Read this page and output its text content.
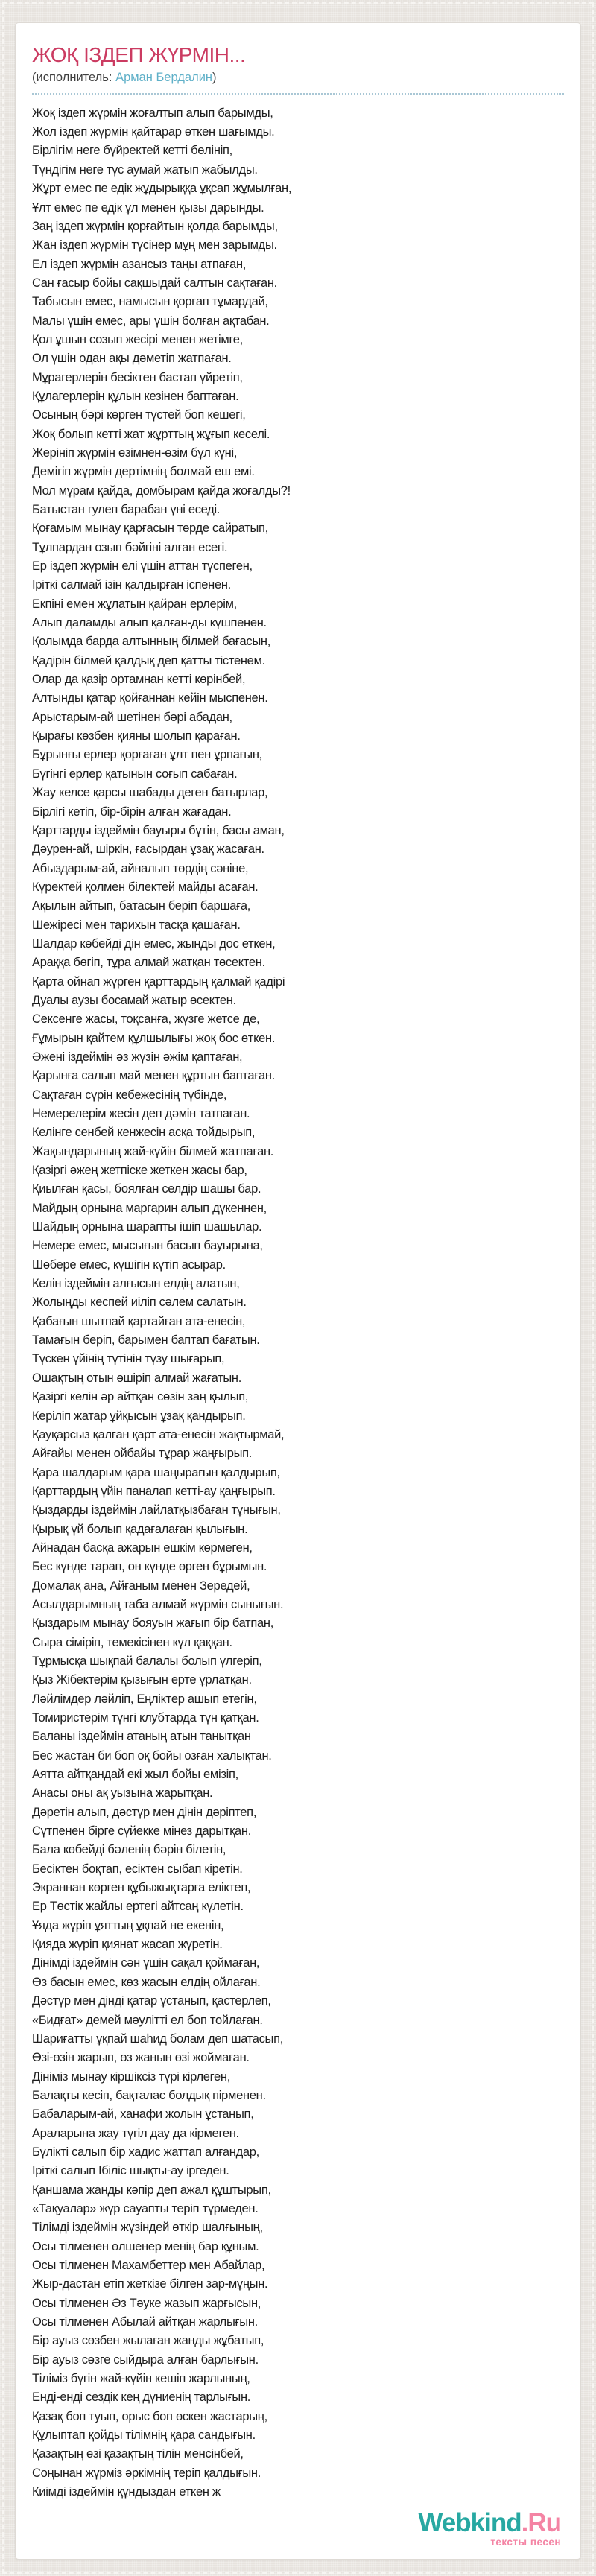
ЖОҚ ІЗДЕП ЖҮРМІН...
(исполнитель: Арман Бердалин)
Жоқ іздеп жүрмін жоғалтып алып барымды,
Жол іздеп жүрмін қайтарар өткен шағымды.
Бірлігім неге бүйректей кетті бөлініп,
Түндігім неге түс аумай жатып жабылды.
Жұрт емес пе едік жұдырыққа ұқсап жұмылған,
Ұлт емес пе едік ұл менен қызы дарынды.
Заң іздеп жүрмін қорғайтын қолда барымды,
Жан іздеп жүрмін түсінер мұң мен зарымды.
Ел іздеп жүрмін азансыз таңы атпаған,
Сан ғасыр бойы сақшыдай салтын сақтаған.
Табысын емес, намысын қорғап тұмардай,
Малы үшін емес, ары үшін болған ақтабан.
Қол ұшын созып жесірі менен жетімге,
Ол үшін одан ақы дәметіп жатпаған.
Мұрагерлерін бесіктен бастап үйретіп,
Құлагерлерін құлын кезінен баптаған.
Осының бәрі көрген түстей боп кешегі,
Жоқ болып кетті жат жұрттың жұғып кеселі.
Жерініп жүрмін өзімнен-өзім бұл күні,
Демігіп жүрмін дертімнің болмай еш емі.
Мол мұрам қайда, домбырам қайда жоғалды?!
Батыстан гулеп барабан үні еседі.
Қоғамым мынау қарғасын төрде сайратып,
Тұлпардан озып бәйгіні алған есегі.
Ер іздеп жүрмін елі үшін аттан түспеген,
Іріткі салмай ізін қалдырған іспенен.
Екпіні емен жұлатын қайран ерлерім,
Алып даламды алып қалған-ды күшпенен.
Қолымда барда алтынның білмей бағасын,
Қадірін білмей қалдық деп қатты тістенем.
Олар да қазір ортамнан кетті көрінбей,
Алтынды қатар қойғаннан кейін мыспенен.
Арыстарым-ай шетінен бәрі абадан,
Қырағы көзбен қияны шолып қараған.
Бұрынғы ерлер қорғаған ұлт пен ұрпағын,
Бүгінгі ерлер қатынын соғып сабаған.
Жау келсе қарсы шабады деген батырлар,
Бірлігі кетіп, бір-бірін алған жағадан.
Қарттарды іздеймін бауыры бүтін, басы аман,
Дәурен-ай, шіркін, ғасырдан ұзақ жасаған.
Абыздарым-ай, айналып төрдің сәніне,
Күректей қолмен білектей майды асаған.
Ақылын айтып, батасын беріп баршаға,
Шежіресі мен тарихын тасқа қашаған.
Шалдар көбейді дін емес, жынды дос еткен,
Араққа бөгіп, тұра алмай жатқан төсектен.
Қарта ойнап жүрген қарттардың қалмай қадірі
Дуалы аузы босамай жатыр өсектен.
Сексенге жасы, тоқсанға, жүзге жетсе де,
Ғұмырын қайтем құлшылығы жоқ бос өткен.
Әжені іздеймін әз жүзін әжім қаптаған,
Қарынға салып май менен құртын баптаған.
Сақтаған сүрін кебежесінің түбінде,
Немерелерім жесін деп дәмін татпаған.
Келінге сенбей кенжесін асқа тойдырып,
Жақындарының жай-күйін білмей жатпаған.
Қазіргі әжең жетпіске жеткен жасы бар,
Қиылған қасы, боялған селдір шашы бар.
Майдың орнына маргарин алып дүкеннен,
Шайдың орнына шарапты ішіп шашылар.
Немере емес, мысығын басып бауырына,
Шөбере емес, күшігін күтіп асырар.
Келін іздеймін алғысын елдің алатын,
Жолыңды кеспей иіліп сәлем салатын.
Қабағын шытпай қартайған ата-енесін,
Тамағын беріп, барымен баптап бағатын.
Түскен үйінің түтінін түзу шығарып,
Ошақтың отын өшіріп алмай жағатын.
Қазіргі келін әр айтқан сөзін заң қылып,
Керіліп жатар ұйқысын ұзақ қандырып.
Қауқарсыз қалған қарт ата-енесін жақтырмай,
Айғайы менен ойбайы тұрар жаңғырып.
Қара шалдарым қара шаңырағын қалдырып,
Қарттардың үйін паналап кетті-ау қаңғырып.
Қыздарды іздеймін лайлатқызбаған тұнығын,
Қырық үй болып қадағалаған қылығын.
Айнадан басқа ажарын ешкім көрмеген,
Бес күнде тарап, он күнде өрген бұрымын.
Домалақ ана, Айғаным менен Зередей,
Асылдарымның таба алмай жүрмін сынығын.
Қыздарым мынау бояуын жағып бір батпан,
Сыра сіміріп, темекісінен күл қаққан.
Тұрмысқа шықпай балалы болып үлгеріп,
Қыз Жібектерім қызығын ерте ұрлатқан.
Ләйлімдер ләйліп, Еңліктер ашып етегін,
Томиристерім түнгі клубтарда түн қатқан.
Баланы іздеймін атаның атын танытқан
Бес жастан би боп оқ бойы озған халықтан.
Аятта айтқандай екі жыл бойы емізіп,
Анасы оны ақ уызына жарытқан.
Дәретін алып, дәстүр мен дінін дәріптеп,
Сүтпенен бірге сүйекке мінез дарытқан.
Бала көбейді бәленің бәрін білетін,
Бесіктен боқтап, есіктен сыбап кіретін.
Экраннан көрген құбыжықтарға еліктеп,
Ер Төстік жайлы ертегі айтсаң күлетін.
Ұяда жүріп ұяттың ұқпай не екенін,
Қияда жүріп қиянат жасап жүретін.
Дінімді іздеймін сән үшін сақал қоймаған,
Өз басын емес, көз жасын елдің ойлаған.
Дәстүр мен дінді қатар ұстанып, қастерлеп,
«Бидғат» демей мәулітті ел боп тойлаған.
Шариғатты ұқпай шаһид болам деп шатасып,
Өзі-өзін жарып, өз жанын өзі жоймаған.
Дініміз мынау кіршіксіз түрі кірлеген,
Балақты кесіп, бақталас болдық пірменен.
Бабаларым-ай, ханафи жолын ұстанып,
Араларына жау түгіл дау да кірмеген.
Бүлікті салып бір хадис жаттап алғандар,
Іріткі салып Ібіліс шықты-ау іргеден.
Қаншама жанды кәпір деп ажал құштырып,
«Тақуалар» жүр сауапты теріп түрмеден.
Тілімді іздеймін жүзіндей өткір шалғының,
Осы тілменен өлшенер менің бар құным.
Осы тілменен Махамбеттер мен Абайлар,
Жыр-дастан етіп жеткізе білген зар-мұңын.
Осы тілменен Әз Тәуке жазып жарғысын,
Осы тілменен Абылай айтқан жарлығын.
Бір ауыз сөзбен жылаған жанды жұбатып,
Бір ауыз сөзге сыйдыра алған барлығын.
Тіліміз бүгін жай-күйін кешіп жарлының,
Енді-енді сездік кең дүниенің тарлығын.
Қазақ боп туып, орыс боп өскен жастарың,
Құлыптап қойды тілімнің қара сандығын.
Қазақтың өзі қазақтың тілін менсінбей,
Соңынан жүрміз әркімнің теріп қалдығын.
Киімді іздеймін құндыздан еткен ж
Webkind.Ru
тексты песен
